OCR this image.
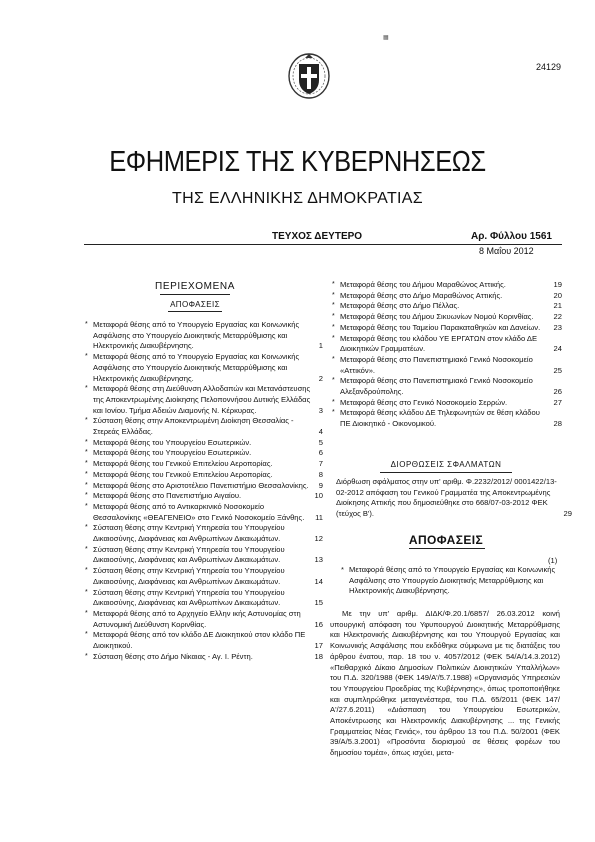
▦

24129
ΕΦΗΜΕΡΙΣ ΤΗΣ ΚΥΒΕΡΝΗΣΕΩΣ
ΤΗΣ ΕΛΛΗΝΙΚΗΣ ΔΗΜΟΚΡΑΤΙΑΣ
ΤΕΥΧΟΣ ΔΕΥΤΕΡΟ	Αρ. Φύλλου 1561
8 Μαΐου 2012
ΠΕΡΙΕΧΟΜΕΝΑ
ΑΠΟΦΑΣΕΙΣ
* Μεταφορά θέσης από το Υπουργείο Εργασίας και Κοινωνικής Ασφάλισης στο Υπουργείο Διοικητικής Μεταρρύθμισης και Ηλεκτρονικής Διακυβέρνησης.	1
* Μεταφορά θέσης από το Υπουργείο Εργασίας και Κοινωνικής Ασφάλισης στο Υπουργείο Διοικητικής Μεταρρύθμισης και Ηλεκτρονικής Διακυβέρνησης.	2
* Μεταφορά θέσης στη Διεύθυνση Αλλοδαπών και Μετανάστευσης της Αποκεντρωμένης Διοίκησης Πελοποννήσου Δυτικής Ελλάδας και Ιονίου. Τμήμα Αδειών Διαμονής Ν. Κέρκυρας.	3
* Σύσταση θέσης στην Αποκεντρωμένη Διοίκηση Θεσσαλίας - Στερεάς Ελλάδας.	4
* Μεταφορά θέσης του Υπουργείου Εσωτερικών.	5
* Μεταφορά θέσης του Υπουργείου Εσωτερικών.	6
* Μεταφορά θέσης του Γενικού Επιτελείου Αεροπορίας.	7
* Μεταφορά θέσης του Γενικού Επιτελείου Αεροπορίας.	8
* Μεταφορά θέσης στο Αριστοτέλειο Πανεπιστήμιο Θεσσαλονίκης. 9
* Μεταφορά θέσης στο Πανεπιστήμιο Αιγαίου.	10
* Μεταφορά θέσης από το Αντικαρκινικό Νοσοκομείο Θεσσαλονίκης «ΘΕΑΓΕΝΕΙΟ» στο Γενικό Νοσοκομείο Ξάνθης. 11
* Σύσταση θέσης στην Κεντρική Υπηρεσία του Υπουργείου Δικαιοσύνης, Διαφάνειας και Ανθρωπίνων Δικαιωμάτων.	12
* Σύσταση θέσης στην Κεντρική Υπηρεσία του Υπουργείου Δικαιοσύνης, Διαφάνειας και Ανθρωπίνων Δικαιωμάτων.	13
* Σύσταση θέσης στην Κεντρική Υπηρεσία του Υπουργείου Δικαιοσύνης, Διαφάνειας και Ανθρωπίνων Δικαιωμάτων.	14
* Σύσταση θέσης στην Κεντρική Υπηρεσία του Υπουργείου Δικαιοσύνης, Διαφάνειας και Ανθρωπίνων Δικαιωμάτων.	15
* Μεταφορά θέσης από το Αρχηγείο Ελλην ικής Αστυνομίας στη Αστυνομική Διεύθυνση Κορινθίας.	16
* Μεταφορά θέσης από τον κλάδο ΔΕ Διοικητικού στον κλάδο ΠΕ Διοικητικού.	17
* Σύσταση θέσης στο Δήμο Νίκαιας - Αγ. Ι. Ρέντη.	18
* Μεταφορά θέσης του Δήμου Μαραθώνος Αττικής.	19
* Μεταφορά θέσης στο Δήμο Μαραθώνος Αττικής.	20
* Μεταφορά θέσης στο Δήμο Πέλλας.	21
* Μεταφορά θέσης του Δήμου Σικυωνίων Νομού Κορινθίας.	22
* Μεταφορά θέσης του Ταμείου Παρακαταθηκών και Δανείων. 23
* Μεταφορά θέσης του κλάδου ΥΕ ΕΡΓΑΤΩΝ στον κλάδο ΔΕ Διοικητικών Γραμματέων.	24
* Μεταφορά θέσης στο Πανεπιστημιακό Γενικό Νοσοκομείο «Αττικόν».	25
* Μεταφορά θέσης στο Πανεπιστημιακό Γενικό Νοσοκομείο Αλεξανδρούπολης.	26
* Μεταφορά θέσης στο Γενικό Νοσοκομείο Σερρών.	27
* Μεταφορά θέσης κλάδου ΔΕ Τηλεφωνητών σε θέση κλάδου ΠΕ Διοικητικό - Οικονομικού.	28
ΔΙΟΡΘΩΣΕΙΣ ΣΦΑΛΜΑΤΩΝ
Διόρθωση σφάλματος στην υπ' αριθμ. Φ.2232/2012/ 0001422/13-02-2012 απόφαση του Γενικού Γραμματέα της Αποκεντρωμένης Διοίκησης Αττικής που δημοσιεύθηκε στο 668/07-03-2012 ΦΕΚ (τεύχος Β').	29
ΑΠΟΦΑΣΕΙΣ
(1)
* Μεταφορά θέσης από το Υπουργείο Εργασίας και Κοινωνικής Ασφάλισης στο Υπουργείο Διοικητικής Μεταρρύθμισης και Ηλεκτρονικής Διακυβέρνησης.
Με την υπ' αριθμ. ΔΙΔΚ/Φ.20.1/6857/ 26.03.2012 κοινή υπουργική απόφαση του Υφυπουργού Διοικητικής Μεταρρύθμισης και Ηλεκτρονικής Διακυβέρνησης και του Υπουργού Εργασίας και Κοινωνικής Ασφάλισης που εκδόθηκε σύμφωνα με τις διατάξεις του άρθρου ένατου, παρ. 18 του ν. 4057/2012 (ΦΕΚ 54/Α/14.3.2012) «Πειθαρχικό Δίκαιο Δημοσίων Πολιτικών Διοικητικών Υπαλλήλων» του Π.Δ. 320/1988 (ΦΕΚ 149/Α'/5.7.1988) «Οργανισμός Υπηρεσιών του Υπουργείου Προεδρίας της Κυβέρνησης», όπως τροποποιήθηκε και συμπληρώθηκε μεταγενέστερα, του Π.Δ. 65/2011 (ΦΕΚ 147/Α'/27.6.2011) «Διάσπαση του Υπουργείου Εσωτερικών, Αποκέντρωσης και Ηλεκτρονικής Διακυβέρνησης ... της Γενικής Γραμματείας Νέας Γενιάς», του άρθρου 13 του Π.Δ. 50/2001 (ΦΕΚ 39/Α/5.3.2001) «Προσόντα διορισμού σε θέσεις φορέων του δημοσίου τομέα», όπως ισχύει, μετα-
